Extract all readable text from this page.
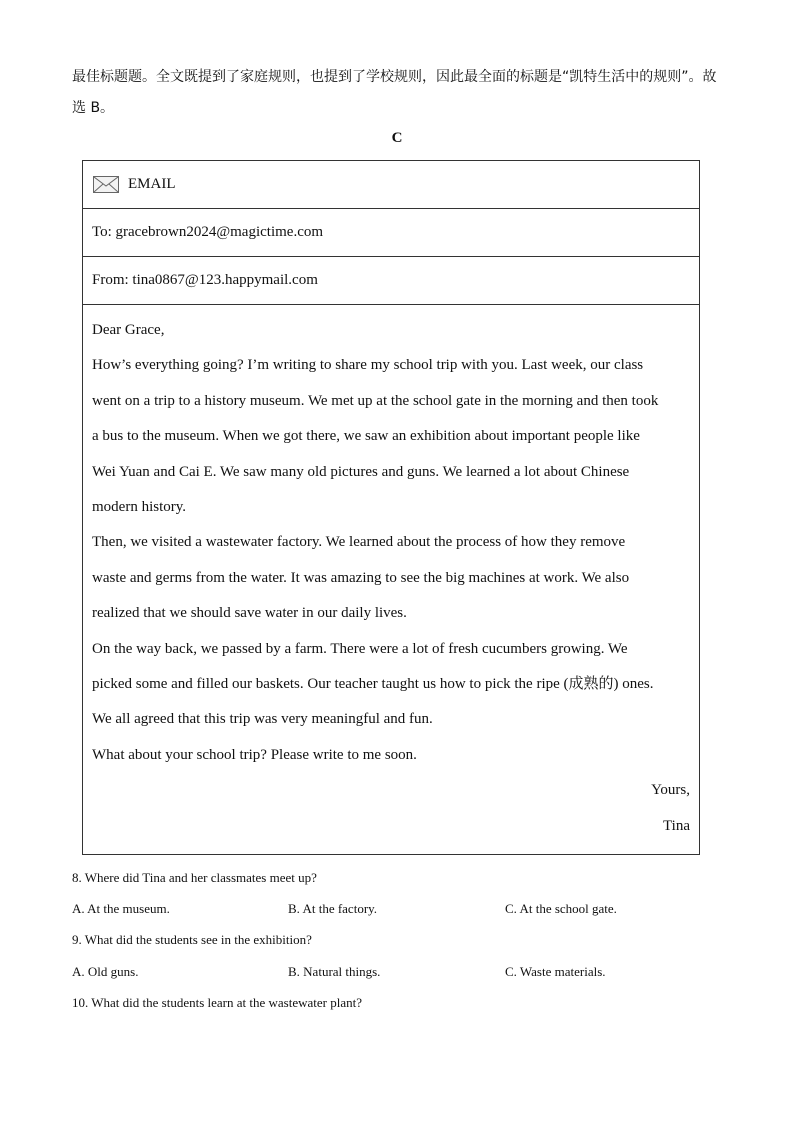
最佳标题题。全文既提到了家庭规则，也提到了学校规则，因此最全面的标题是“凯特生活中的规则”。故

选 B。

C
EMAIL
To: gracebrown2024@magictime.com
From: tina0867@123.happymail.com

Dear Grace,

How’s everything going? I’m writing to share my school trip with you. Last week, our class

went on a trip to a history museum. We met up at the school gate in the morning and then took

a bus to the museum. When we got there, we saw an exhibition about important people like

Wei Yuan and Cai E. We saw many old pictures and guns. We learned a lot about Chinese

modern history.

Then, we visited a wastewater factory. We learned about the process of how they remove

waste and germs from the water. It was amazing to see the big machines at work. We also

realized that we should save water in our daily lives.

On the way back, we passed by a farm. There were a lot of fresh cucumbers growing. We

picked some and filled our baskets. Our teacher taught us how to pick the ripe (成熟的) ones.

We all agreed that this trip was very meaningful and fun.

What about your school trip? Please write to me soon.

Yours,

Tina

8. Where did Tina and her classmates meet up?
A. At the museum.	B. At the factory.	C. At the school gate.
9. What did the students see in the exhibition?
A. Old guns.	B. Natural things.	C. Waste materials.
10. What did the students learn at the wastewater plant?
